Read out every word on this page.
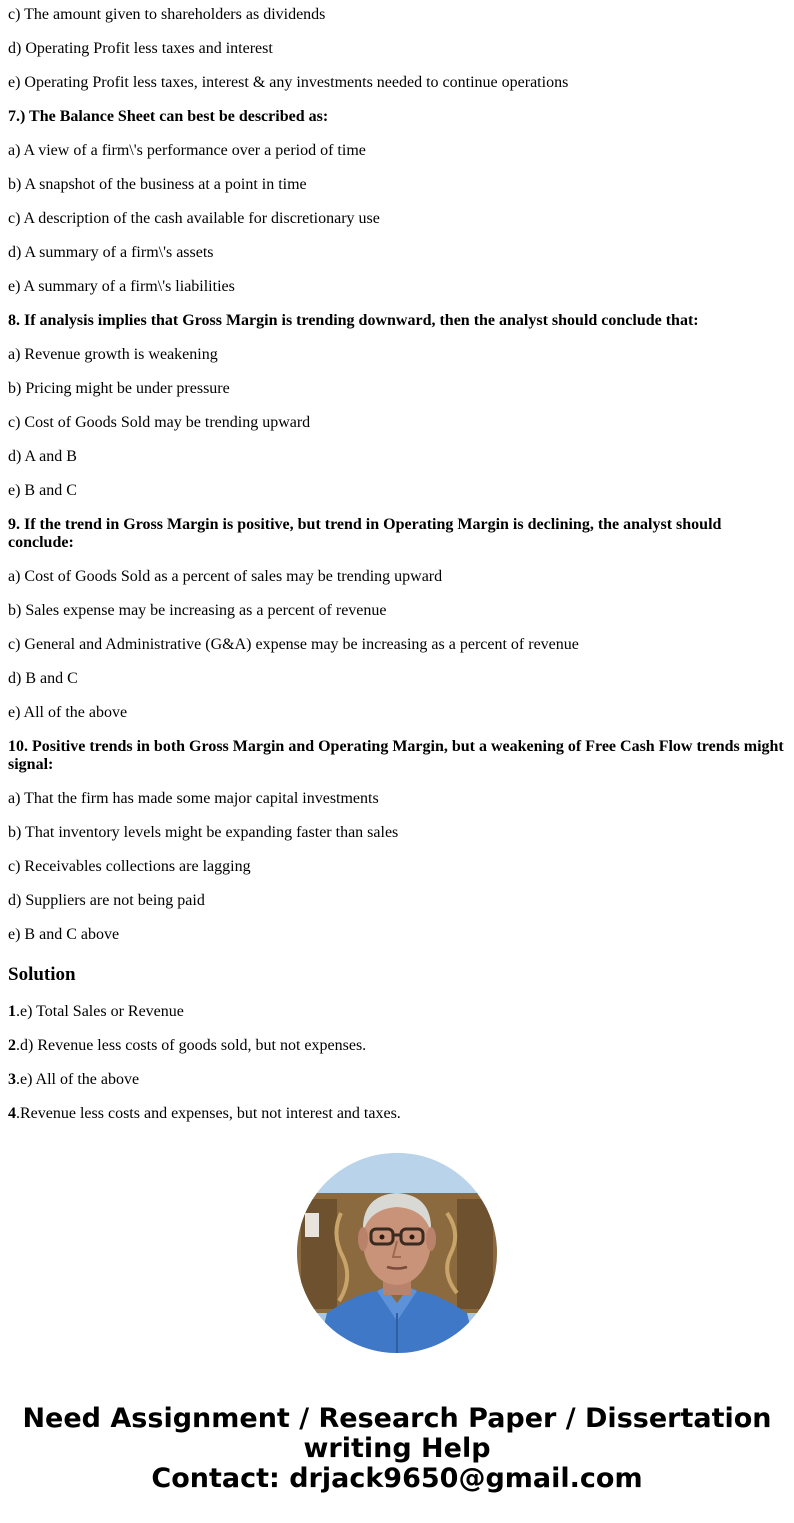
c) The amount given to shareholders as dividends

d) Operating Profit less taxes and interest

e) Operating Profit less taxes, interest & any investments needed to continue operations

7.) The Balance Sheet can best be described as:

a) A view of a firm\'s performance over a period of time

b) A snapshot of the business at a point in time

c) A description of the cash available for discretionary use

d) A summary of a firm\'s assets

e) A summary of a firm\'s liabilities

8. If analysis implies that Gross Margin is trending downward, then the analyst should conclude that:

a) Revenue growth is weakening

b) Pricing might be under pressure

c) Cost of Goods Sold may be trending upward

d) A and B

e) B and C

9. If the trend in Gross Margin is positive, but trend in Operating Margin is declining, the analyst should conclude:

a) Cost of Goods Sold as a percent of sales may be trending upward

b) Sales expense may be increasing as a percent of revenue

c) General and Administrative (G&A) expense may be increasing as a percent of revenue

d) B and C

e) All of the above

10. Positive trends in both Gross Margin and Operating Margin, but a weakening of Free Cash Flow trends might signal:

a) That the firm has made some major capital investments

b) That inventory levels might be expanding faster than sales

c) Receivables collections are lagging

d) Suppliers are not being paid

e) B and C above

Solution

1.e) Total Sales or Revenue

2.d) Revenue less costs of goods sold, but not expenses.

3.e) All of the above

4.Revenue less costs and expenses, but not interest and taxes.

Need Assignment / Research Paper / Dissertation
writing Help
Contact: drjack9650@gmail.com
